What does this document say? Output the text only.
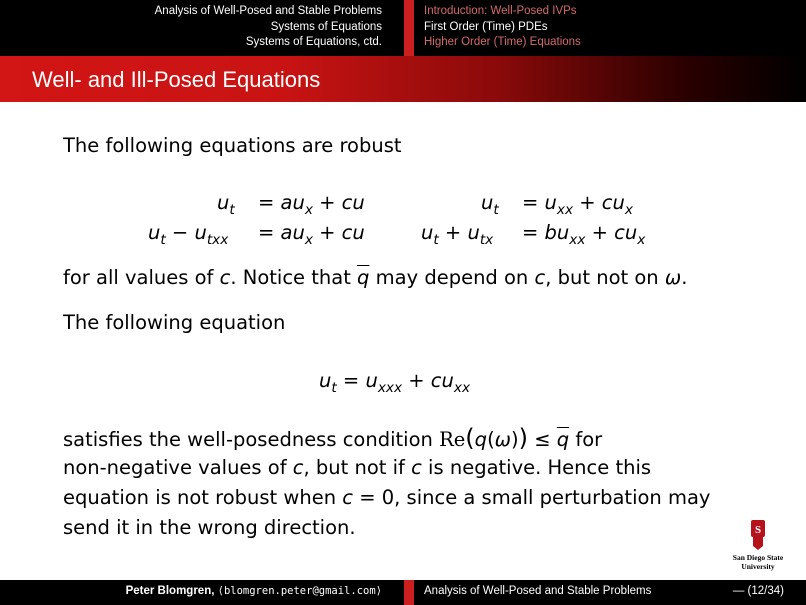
Analysis of Well-Posed and Stable Problems
Systems of Equations
Systems of Equations, ctd.
Introduction: Well-Posed IVPs
First Order (Time) PDEs
Higher Order (Time) Equations
Well- and Ill-Posed Equations
The following equations are robust
$u_t = au_x$ + cu	$u_t = u_{xx} + cu_x$
$u_t - u_{txx} = au_x$ + cu	$u_t + u_{tx} = bu_{xx} + cu_x$
for all values of c. Notice that $\overline{q}$ may depend on c, but not on ω.
The following equation
$u_t = u_{xxx} + cu_{xx}$
satisfies the well-posedness condition $Re(q(\omega)) \le \overline{q}$ for
non-negative values of c, but not if c is negative. Hence this
equation is not robust when c = 0, since a small perturbation may
send it in the wrong direction.	S
San Diego State
University
Peter Blomgren, ⟨blomgren.peter@gmail.com⟩	Analysis of Well-Posed and Stable Problems	— (12/34)
